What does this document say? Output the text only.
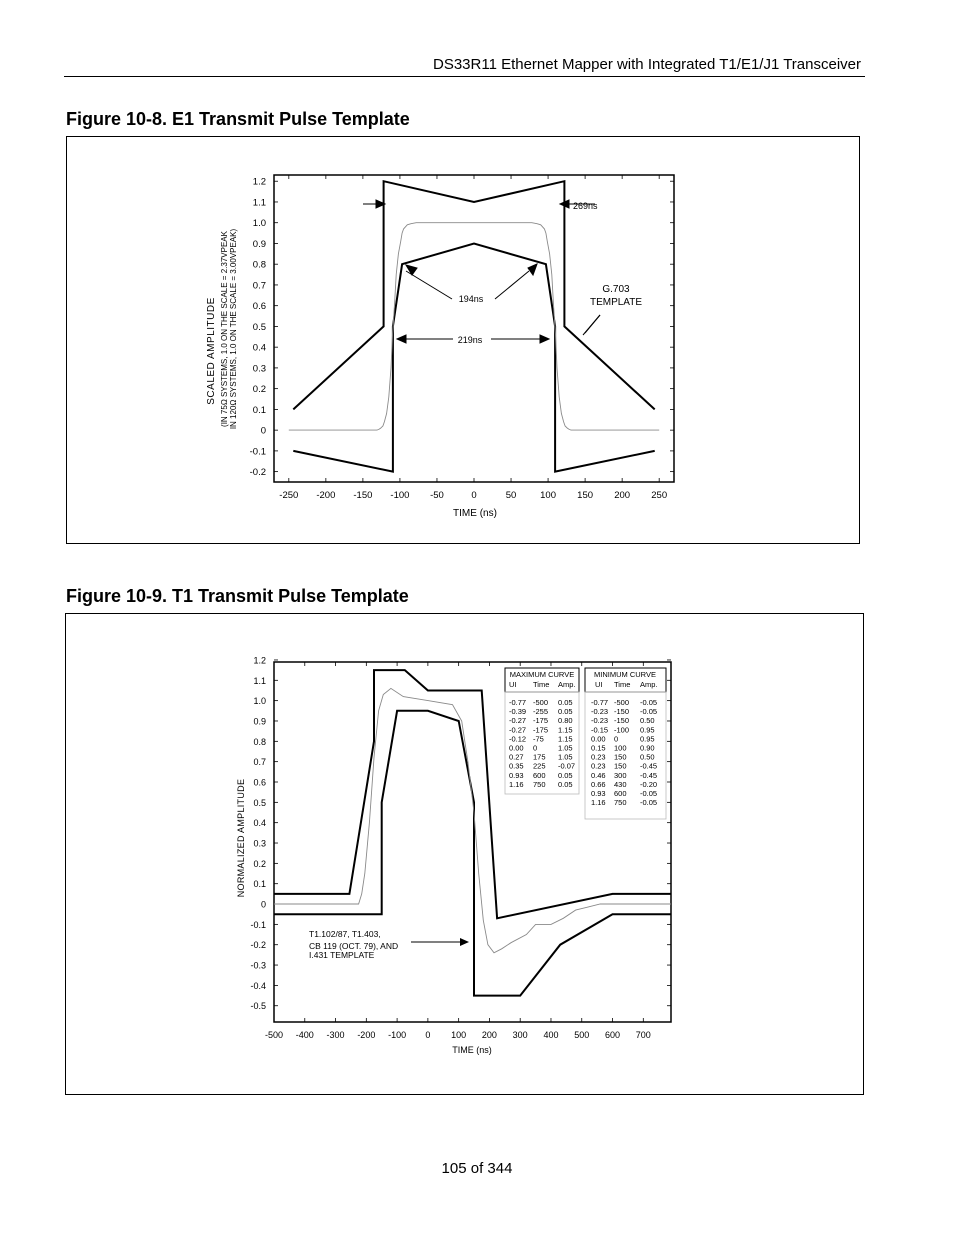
DS33R11 Ethernet Mapper with Integrated T1/E1/J1 Transceiver
Figure 10-8. E1 Transmit Pulse Template
1.2
1.1
1.0
0.9
0.8
0.7
0.6
0.5
0.4
0.3
0.2
0.1
0
-0.1
-0.2
-250 -200 -150 -100 -50	0	50	100 150 200 250
269ns
194ns
219ns
G.703
TEMPLATE
TIME (ns)
SCALED AMPLITUDE (IN 75Ω SYSTEMS, 1.0 ON THE SCALE = 2.37VPEAK IN 120Ω SYSTEMS, 1.0 ON THE SCALE = 3.00VPEAK)
Figure 10-9. T1 Transmit Pulse Template
1.2
1.1
1.0
0.9
0.8
0.7
0.6
0.5
0.4
0.3
0.2
0.1
0
-0.1
-0.2
-0.3
-0.4
-0.5
-500 -400 -300 -200 -100 0 100 200 300 400 500 600 700
MAXIMUM CURVE
UI Time Amp.
-0.77 -500 0.05
-0.39 -255 0.05
-0.27 -175 0.80
-0.27 -175 1.15
-0.12 -75 1.15
0.00 0	1.05
0.27 175 1.05
0.35 225 -0.07
0.93 600 0.05
1.16 750 0.05
MINIMUM CURVE
UI Time Amp.
-0.77 -500 -0.05
-0.23 -150 -0.05
-0.23 -150 0.50
-0.15 -100 0.95
0.00 0	0.95
0.15 100 0.90
0.23 150 0.50
0.23 150 -0.45
0.46 300 -0.45
0.66 430 -0.20
0.93 600 -0.05
1.16 750 -0.05
T1.102/87, T1.403,
CB 119 (OCT. 79), AND
I.431 TEMPLATE
TIME (ns)
NORMALIZED AMPLITUDE
105 of 344
